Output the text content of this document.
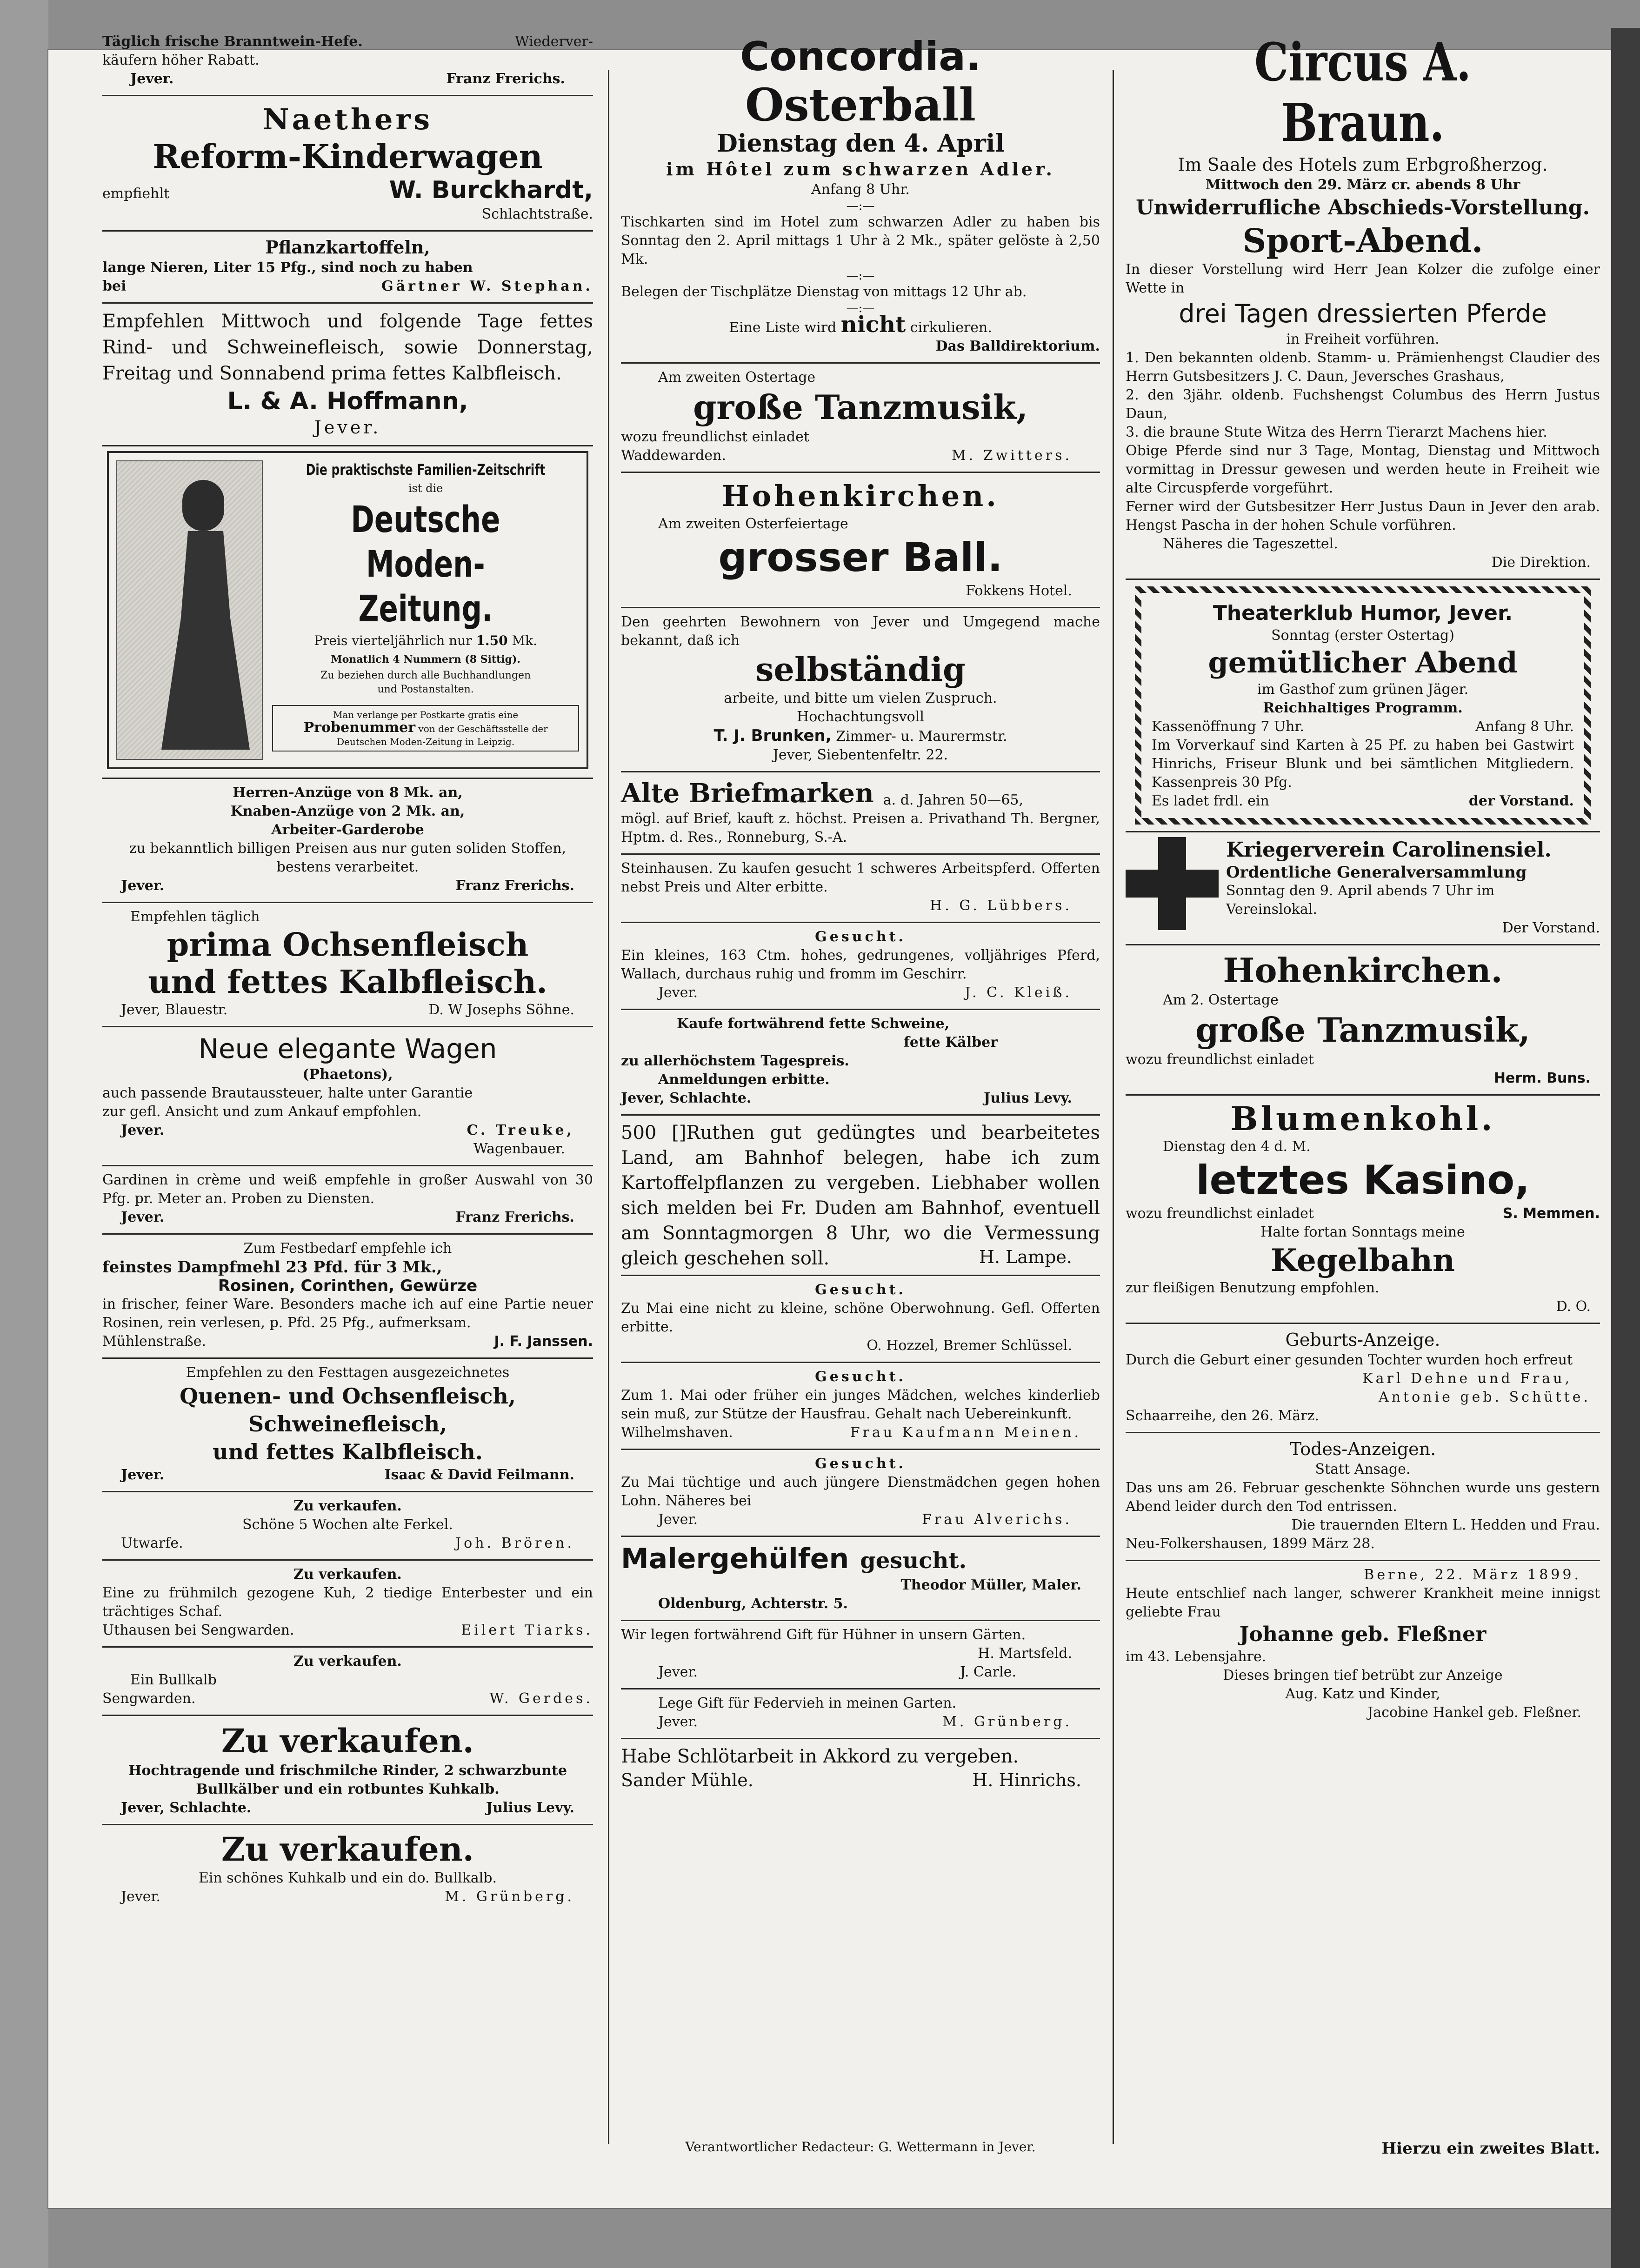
Täglich frische Branntwein-Hefe.	Wiederver-
käufern höher Rabatt.
Jever.	Franz Frerichs.
Naethers
Reform-Kinderwagen
empfiehlt	W. Burckhardt,
Schlachtstraße.
Pflanzkartoffeln,
lange Nieren, Liter 15 Pfg., sind noch zu haben
bei	Gärtner W. Stephan.
Empfehlen Mittwoch und folgende Tage fettes Rind- und Schweinefleisch, sowie Donnerstag, Freitag und Sonnabend prima fettes Kalbfleisch.
L. & A. Hoffmann,
Jever.
Die praktischste Familien-Zeitschrift
ist die
Deutsche
Moden-Zeitung.
Preis vierteljährlich nur 1.50 Mk.
Monatlich 4 Nummern (8 Sittig).
Zu beziehen durch alle Buchhandlungen
und Postanstalten.
Man verlange per Postkarte gratis eine
Probenummer von der Geschäftsstelle der
Deutschen Moden-Zeitung in Leipzig.
Herren-Anzüge von 8 Mk. an,
Knaben-Anzüge von 2 Mk. an,
Arbeiter-Garderobe
zu bekanntlich billigen Preisen aus nur guten soliden Stoffen, bestens verarbeitet.
Jever.	Franz Frerichs.
Empfehlen täglich
prima Ochsenfleisch
und fettes Kalbfleisch.
Jever, Blauestr.	D. W Josephs Söhne.
Neue elegante Wagen
(Phaetons),
auch passende Brautaussteuer, halte unter Garantie
zur gefl. Ansicht und zum Ankauf empfohlen.
Jever.	C. Treuke,
Wagenbauer.
Gardinen in crème und weiß empfehle in großer Auswahl von 30 Pfg. pr. Meter an. Proben zu Diensten.
Jever.	Franz Frerichs.
Zum Festbedarf empfehle ich
feinstes Dampfmehl 23 Pfd. für 3 Mk.,
Rosinen, Corinthen, Gewürze
in frischer, feiner Ware. Besonders mache ich auf eine Partie neuer Rosinen, rein verlesen, p. Pfd. 25 Pfg., aufmerksam.
Mühlenstraße.	J. F. Janssen.
Empfehlen zu den Festtagen ausgezeichnetes
Quenen- und Ochsenfleisch,
Schweinefleisch,
und fettes Kalbfleisch.
Jever.	Isaac & David Feilmann.
Zu verkaufen.
Schöne 5 Wochen alte Ferkel.
Utwarfe.	Joh. Brören.
Zu verkaufen.
Eine zu frühmilch gezogene Kuh, 2 tiedige Enterbester und ein trächtiges Schaf.
Uthausen bei Sengwarden.	Eilert Tiarks.
Zu verkaufen.
Ein Bullkalb
Sengwarden.	W. Gerdes.
Zu verkaufen.
Hochtragende und frischmilche Rinder, 2 schwarzbunte Bullkälber und ein rotbuntes Kuhkalb.
Jever, Schlachte.	Julius Levy.
Zu verkaufen.
Ein schönes Kuhkalb und ein do. Bullkalb.
Jever.	M. Grünberg.
Concordia.
Osterball
Dienstag den 4. April
im Hôtel zum schwarzen Adler.
Anfang 8 Uhr.
—:—
Tischkarten sind im Hotel zum schwarzen Adler zu haben bis Sonntag den 2. April mittags 1 Uhr à 2 Mk., später gelöste à 2,50 Mk.
—:—
Belegen der Tischplätze Dienstag von mittags 12 Uhr ab.
—:—
Eine Liste wird nicht cirkulieren.
Das Balldirektorium.
Am zweiten Ostertage
große Tanzmusik,
wozu freundlichst einladet
Waddewarden.	M. Zwitters.
Hohenkirchen.
Am zweiten Osterfeiertage
grosser Ball.
Fokkens Hotel.
Den geehrten Bewohnern von Jever und Umgegend mache bekannt, daß ich
selbständig
arbeite, und bitte um vielen Zuspruch.
Hochachtungsvoll
T. J. Brunken, Zimmer- u. Maurermstr.
Jever, Siebentenfeltr. 22.
Alte Briefmarken a. d. Jahren 50—65,
mögl. auf Brief, kauft z. höchst. Preisen a. Privathand Th. Bergner, Hptm. d. Res., Ronneburg, S.-A.
Steinhausen. Zu kaufen gesucht 1 schweres Arbeitspferd. Offerten nebst Preis und Alter erbitte.
H. G. Lübbers.
Gesucht.
Ein kleines, 163 Ctm. hohes, gedrungenes, volljähriges Pferd, Wallach, durchaus ruhig und fromm im Geschirr.
Jever.	J. C. Kleiß.
Kaufe fortwährend fette Schweine,
fette Kälber
zu allerhöchstem Tagespreis.
Anmeldungen erbitte.
Jever, Schlachte.	Julius Levy.
500 []Ruthen gut gedüngtes und bearbeitetes Land, am Bahnhof belegen, habe ich zum Kartoffelpflanzen zu vergeben. Liebhaber wollen sich melden bei Fr. Duden am Bahnhof, eventuell am Sonntagmorgen 8 Uhr, wo die Vermessung gleich geschehen soll.	H. Lampe.
Gesucht.
Zu Mai eine nicht zu kleine, schöne Oberwohnung. Gefl. Offerten erbitte.
O. Hozzel, Bremer Schlüssel.
Gesucht.
Zum 1. Mai oder früher ein junges Mädchen, welches kinderlieb sein muß, zur Stütze der Hausfrau. Gehalt nach Uebereinkunft.
Wilhelmshaven.	Frau Kaufmann Meinen.
Gesucht.
Zu Mai tüchtige und auch jüngere Dienstmädchen gegen hohen Lohn. Näheres bei
Jever.	Frau Alverichs.
Malergehülfen gesucht.
Theodor Müller, Maler.
Oldenburg, Achterstr. 5.
Wir legen fortwährend Gift für Hühner in unsern Gärten.
H. Martsfeld.
Jever.	J. Carle.
Lege Gift für Federvieh in meinen Garten.
Jever.	M. Grünberg.
Habe Schlötarbeit in Akkord zu vergeben.
Sander Mühle.	H. Hinrichs.
Verantwortlicher Redacteur: G. Wettermann in Jever.
Circus A. Braun.
Im Saale des Hotels zum Erbgroßherzog.
Mittwoch den 29. März cr. abends 8 Uhr
Unwiderrufliche Abschieds-Vorstellung.
Sport-Abend.
In dieser Vorstellung wird Herr Jean Kolzer die zufolge einer Wette in
drei Tagen dressierten Pferde
in Freiheit vorführen.
1. Den bekannten oldenb. Stamm- u. Prämienhengst Claudier des Herrn Gutsbesitzers J. C. Daun, Jeversches Grashaus,
2. den 3jähr. oldenb. Fuchshengst Columbus des Herrn Justus Daun,
3. die braune Stute Witza des Herrn Tierarzt Machens hier.
Obige Pferde sind nur 3 Tage, Montag, Dienstag und Mittwoch vormittag in Dressur gewesen und werden heute in Freiheit wie alte Circuspferde vorgeführt.
Ferner wird der Gutsbesitzer Herr Justus Daun in Jever den arab. Hengst Pascha in der hohen Schule vorführen.
Näheres die Tageszettel.
Die Direktion.
Theaterklub Humor, Jever.
Sonntag (erster Ostertag)
gemütlicher Abend
im Gasthof zum grünen Jäger.
Reichhaltiges Programm.
Kassenöffnung 7 Uhr.	Anfang 8 Uhr.
Im Vorverkauf sind Karten à 25 Pf. zu haben bei Gastwirt Hinrichs, Friseur Blunk und bei sämtlichen Mitgliedern. Kassenpreis 30 Pfg.
Es ladet frdl. ein	der Vorstand.
Kriegerverein Carolinensiel.
Ordentliche Generalversammlung
Sonntag den 9. April abends 7 Uhr im
Vereinslokal.
Der Vorstand.
Hohenkirchen.
Am 2. Ostertage
große Tanzmusik,
wozu freundlichst einladet
Herm. Buns.
Blumenkohl.
Dienstag den 4 d. M.
letztes Kasino,
wozu freundlichst einladet	S. Memmen.
Halte fortan Sonntags meine
Kegelbahn
zur fleißigen Benutzung empfohlen.
D. O.
Geburts-Anzeige.
Durch die Geburt einer gesunden Tochter wurden hoch erfreut
Karl Dehne und Frau,
Antonie geb. Schütte.
Schaarreihe, den 26. März.
Todes-Anzeigen.
Statt Ansage.
Das uns am 26. Februar geschenkte Söhnchen wurde uns gestern Abend leider durch den Tod entrissen.
Die trauernden Eltern L. Hedden und Frau.
Neu-Folkershausen, 1899 März 28.
Berne, 22. März 1899.
Heute entschlief nach langer, schwerer Krankheit meine innigst geliebte Frau
Johanne geb. Fleßner
im 43. Lebensjahre.
Dieses bringen tief betrübt zur Anzeige
Aug. Katz und Kinder,
Jacobine Hankel geb. Fleßner.
Hierzu ein zweites Blatt.
